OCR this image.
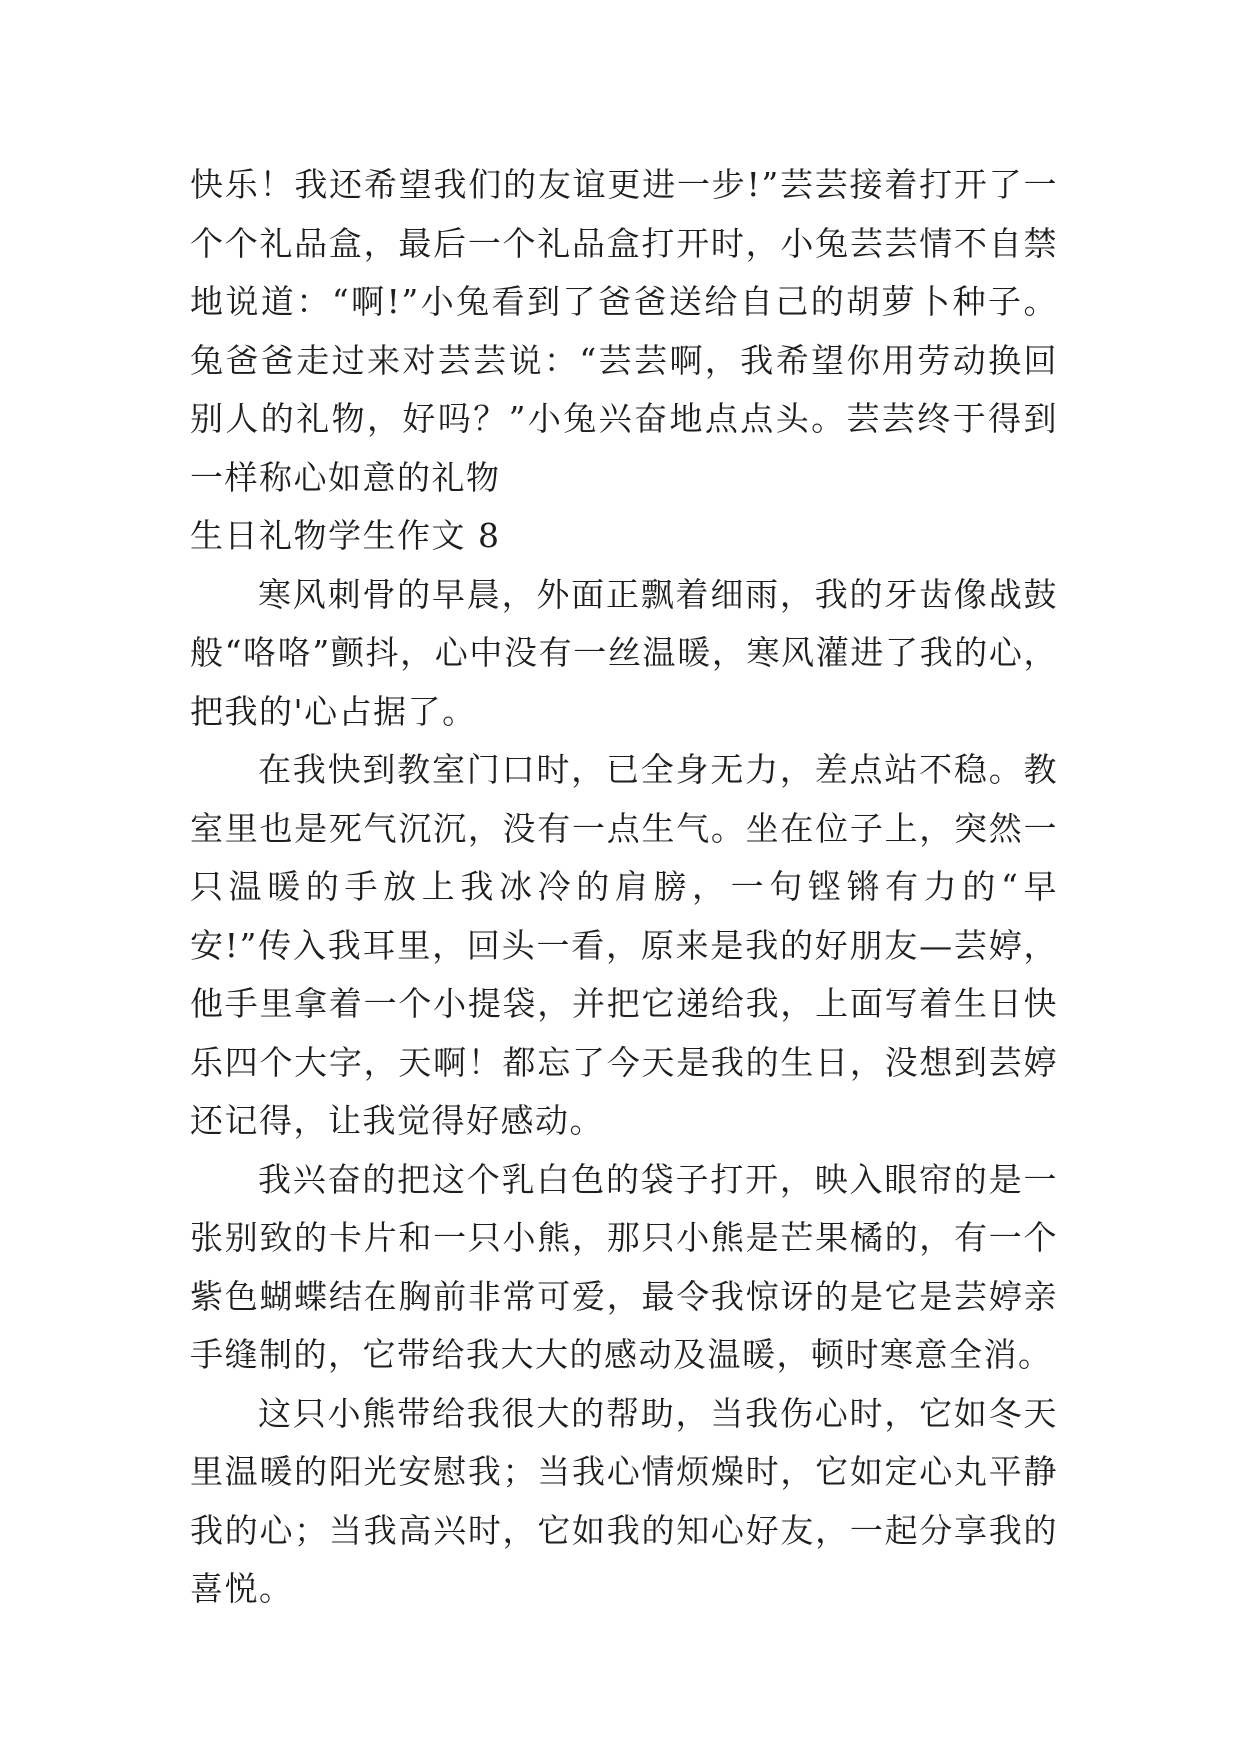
快乐！我还希望我们的友谊更进一步!”芸芸接着打开了一个个礼品盒，最后一个礼品盒打开时，小兔芸芸情不自禁地说道：“啊!”小兔看到了爸爸送给自己的胡萝卜种子。兔爸爸走过来对芸芸说：“芸芸啊，我希望你用劳动换回别人的礼物，好吗？”小兔兴奋地点点头。芸芸终于得到一样称心如意的礼物

生日礼物学生作文 8

寒风刺骨的早晨，外面正飘着细雨，我的牙齿像战鼓般“咯咯”颤抖，心中没有一丝温暖，寒风灌进了我的心，把我的'心占据了。

在我快到教室门口时，已全身无力，差点站不稳。教室里也是死气沉沉，没有一点生气。坐在位子上，突然一只温暖的手放上我冰冷的肩膀，一句铿锵有力的“早安!”传入我耳里，回头一看，原来是我的好朋友—芸婷，他手里拿着一个小提袋，并把它递给我，上面写着生日快乐四个大字，天啊！都忘了今天是我的生日，没想到芸婷还记得，让我觉得好感动。

我兴奋的把这个乳白色的袋子打开，映入眼帘的是一张别致的卡片和一只小熊，那只小熊是芒果橘的，有一个紫色蝴蝶结在胸前非常可爱，最令我惊讶的是它是芸婷亲手缝制的，它带给我大大的感动及温暖，顿时寒意全消。

这只小熊带给我很大的帮助，当我伤心时，它如冬天里温暖的阳光安慰我；当我心情烦燥时，它如定心丸平静我的心；当我高兴时，它如我的知心好友，一起分享我的喜悦。
